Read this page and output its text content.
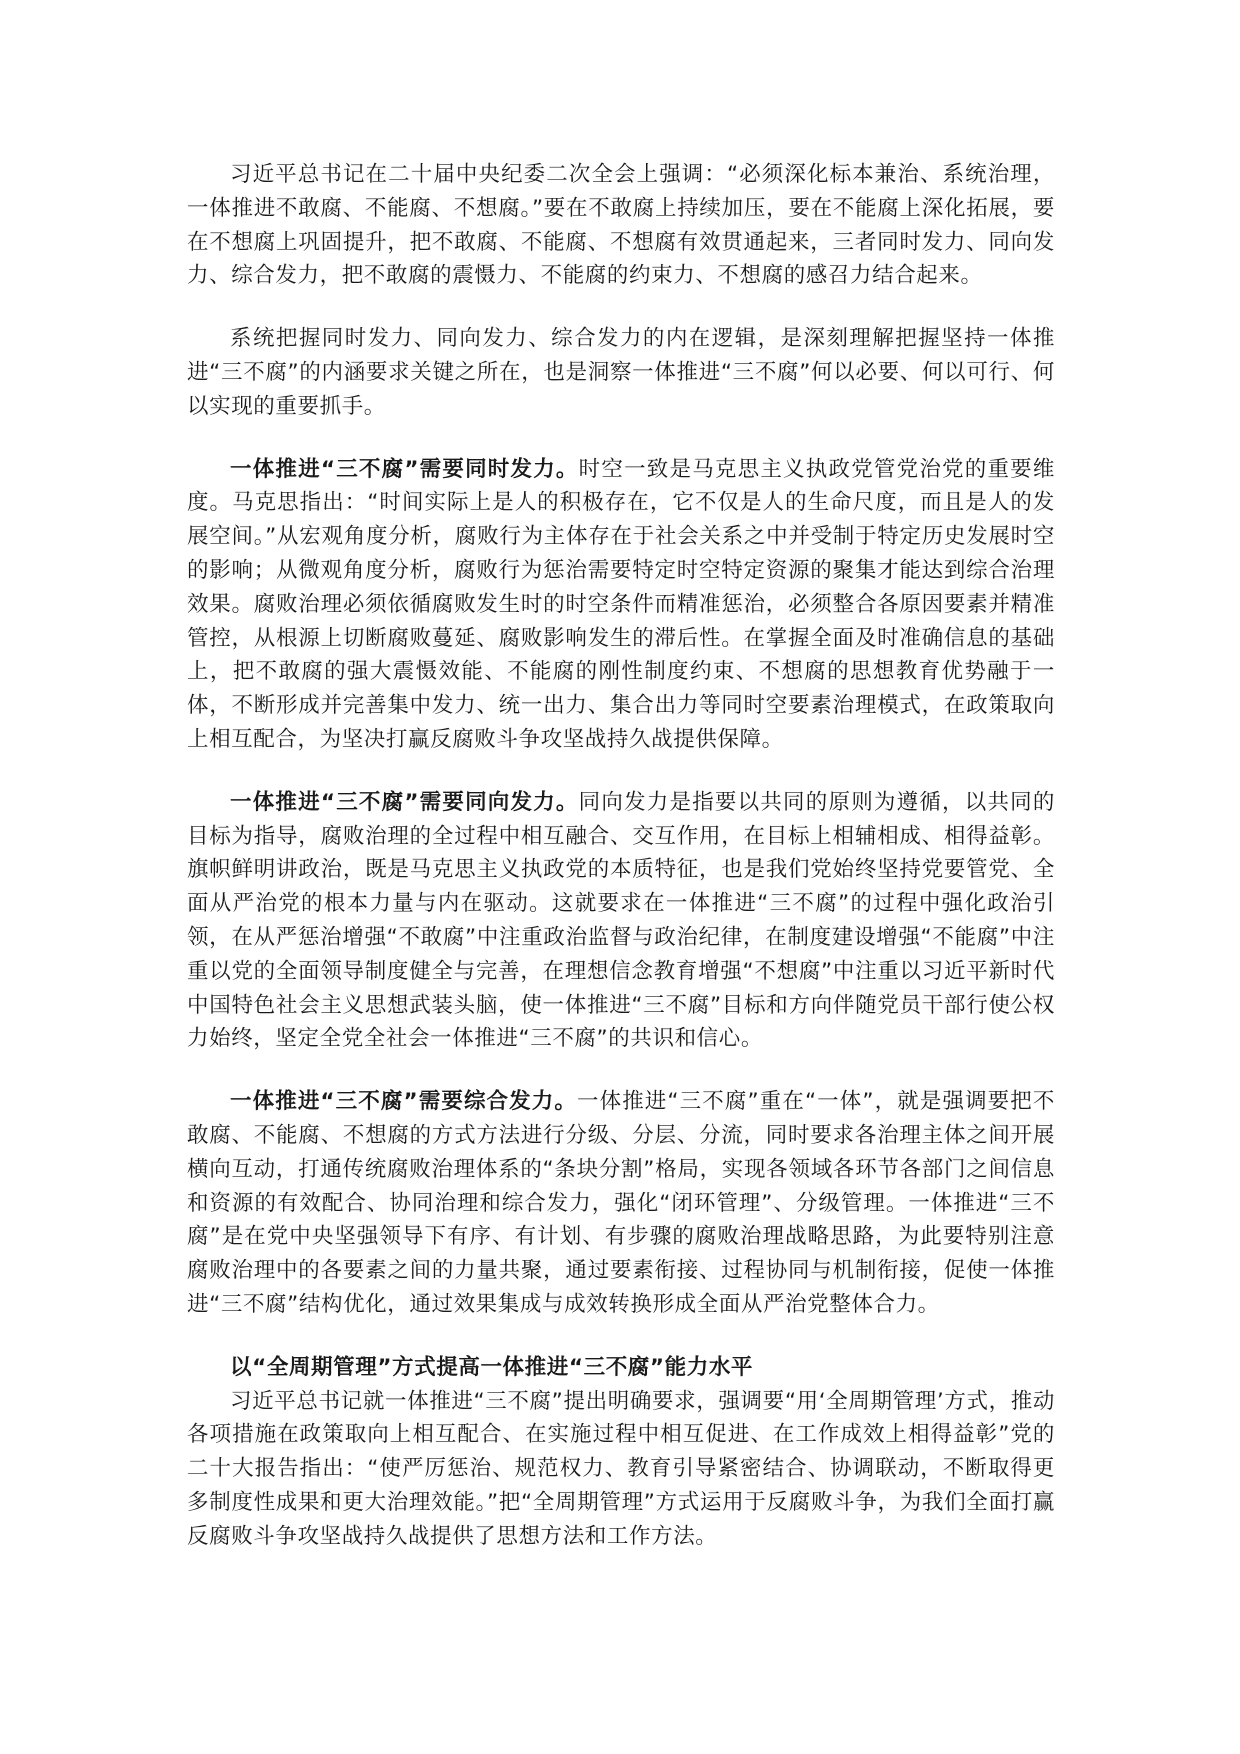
习近平总书记在二十届中央纪委二次全会上强调：“必须深化标本兼治、系统治理，一体推进不敢腐、不能腐、不想腐。”要在不敢腐上持续加压，要在不能腐上深化拓展，要在不想腐上巩固提升，把不敢腐、不能腐、不想腐有效贯通起来，三者同时发力、同向发力、综合发力，把不敢腐的震慑力、不能腐的约束力、不想腐的感召力结合起来。

系统把握同时发力、同向发力、综合发力的内在逻辑，是深刻理解把握坚持一体推进“三不腐”的内涵要求关键之所在，也是洞察一体推进“三不腐”何以必要、何以可行、何以实现的重要抓手。

一体推进“三不腐”需要同时发力。时空一致是马克思主义执政党管党治党的重要维度。马克思指出：“时间实际上是人的积极存在，它不仅是人的生命尺度，而且是人的发展空间。”从宏观角度分析，腐败行为主体存在于社会关系之中并受制于特定历史发展时空的影响；从微观角度分析，腐败行为惩治需要特定时空特定资源的聚集才能达到综合治理效果。腐败治理必须依循腐败发生时的时空条件而精准惩治，必须整合各原因要素并精准管控，从根源上切断腐败蔓延、腐败影响发生的滞后性。在掌握全面及时准确信息的基础上，把不敢腐的强大震慑效能、不能腐的刚性制度约束、不想腐的思想教育优势融于一体，不断形成并完善集中发力、统一出力、集合出力等同时空要素治理模式，在政策取向上相互配合，为坚决打赢反腐败斗争攻坚战持久战提供保障。

一体推进“三不腐”需要同向发力。同向发力是指要以共同的原则为遵循，以共同的目标为指导，腐败治理的全过程中相互融合、交互作用，在目标上相辅相成、相得益彰。旗帜鲜明讲政治，既是马克思主义执政党的本质特征，也是我们党始终坚持党要管党、全面从严治党的根本力量与内在驱动。这就要求在一体推进“三不腐”的过程中强化政治引领，在从严惩治增强“不敢腐”中注重政治监督与政治纪律，在制度建设增强“不能腐”中注重以党的全面领导制度健全与完善，在理想信念教育增强“不想腐”中注重以习近平新时代中国特色社会主义思想武装头脑，使一体推进“三不腐”目标和方向伴随党员干部行使公权力始终，坚定全党全社会一体推进“三不腐”的共识和信心。

一体推进“三不腐”需要综合发力。一体推进“三不腐”重在“一体”，就是强调要把不敢腐、不能腐、不想腐的方式方法进行分级、分层、分流，同时要求各治理主体之间开展横向互动，打通传统腐败治理体系的“条块分割”格局，实现各领域各环节各部门之间信息和资源的有效配合、协同治理和综合发力，强化“闭环管理”、分级管理。一体推进“三不腐”是在党中央坚强领导下有序、有计划、有步骤的腐败治理战略思路，为此要特别注意腐败治理中的各要素之间的力量共聚，通过要素衔接、过程协同与机制衔接，促使一体推进“三不腐”结构优化，通过效果集成与成效转换形成全面从严治党整体合力。

以“全周期管理”方式提高一体推进“三不腐”能力水平

习近平总书记就一体推进“三不腐”提出明确要求，强调要“用‘全周期管理’方式，推动各项措施在政策取向上相互配合、在实施过程中相互促进、在工作成效上相得益彰”党的二十大报告指出：“使严厉惩治、规范权力、教育引导紧密结合、协调联动，不断取得更多制度性成果和更大治理效能。”把“全周期管理”方式运用于反腐败斗争，为我们全面打赢反腐败斗争攻坚战持久战提供了思想方法和工作方法。
